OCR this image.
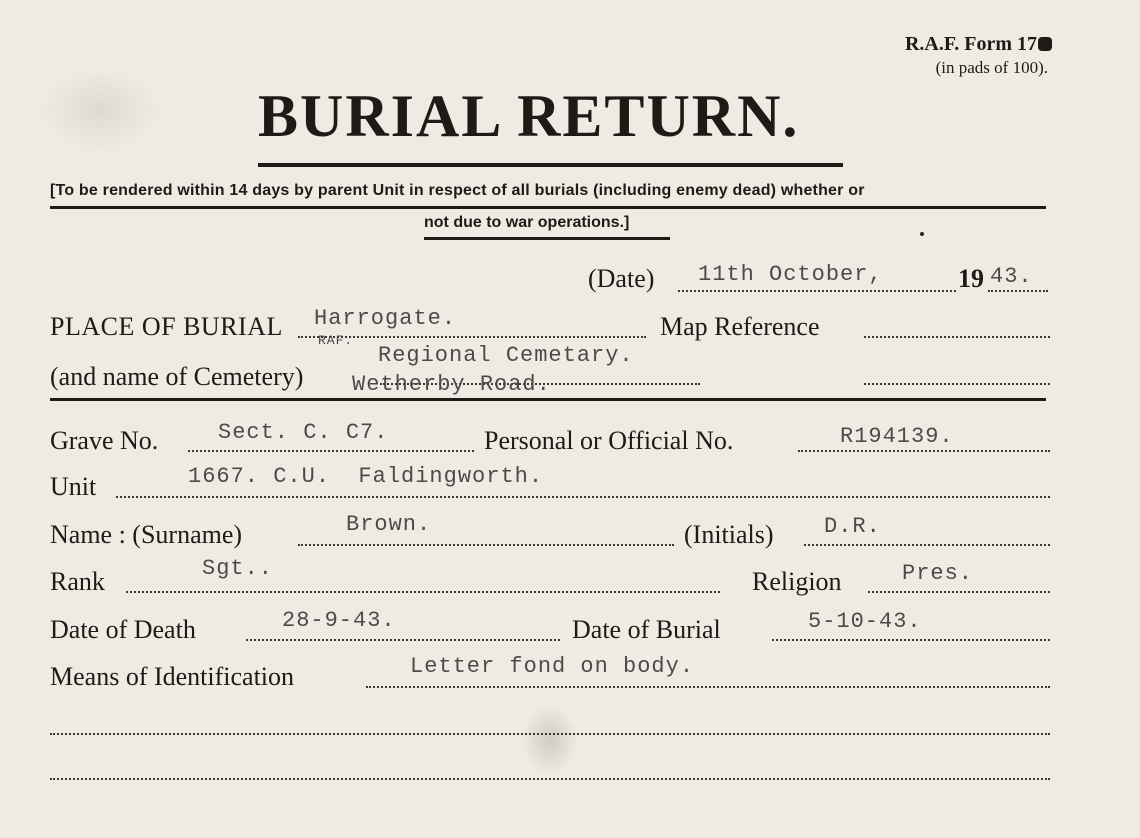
R.A.F. Form 17
(in pads of 100).
BURIAL RETURN.
[To be rendered within 14 days by parent Unit in respect of all burials (including enemy dead) whether or
not due to war operations.]
(Date) 11th October,	19 43.
PLACE OF BURIAL Harrogate.	Map Reference
RAF.
Regional Cemetary.
(and name of Cemetery) Wetherby Road.
Grave No.	Sect. C. C7.	Personal or Official No.	R194139.
Unit	1667. C.U.  Faldingworth.
Name : (Surname)	Brown.	(Initials) D.R.
Rank	Sgt..	Religion	Pres.
Date of Death	28-9-43.	Date of Burial	5-10-43.
Means of Identification	Letter fond on body.
